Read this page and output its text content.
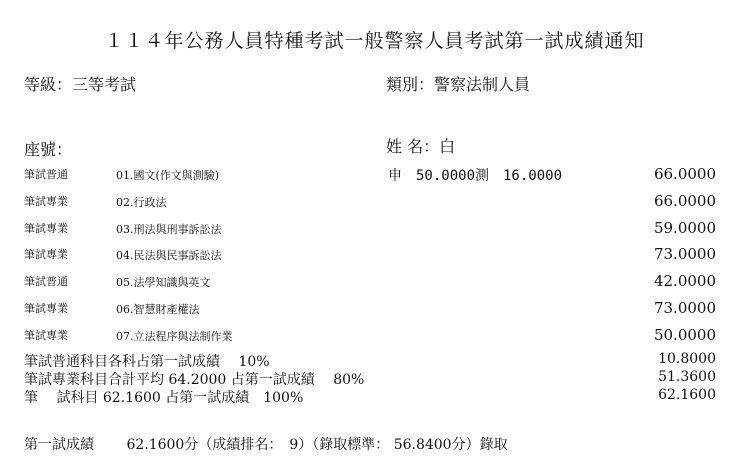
１１４年公務人員特種考試一般警察人員考試第一試成績通知
等級：三等考試	類別：警察法制人員
座號：	姓 名：白
筆試普通	01.國文(作文與測驗)	申　50.0000測　16.0000	66.0000
筆試專業	02.行政法	66.0000
筆試專業	03.刑法與刑事訴訟法	59.0000
筆試專業	04.民法與民事訴訟法	73.0000
筆試普通	05.法學知識與英文	42.0000
筆試專業	06.智慧財產權法	73.0000
筆試專業	07.立法程序與法制作業	50.0000
筆試普通科目各科占第一試成績　 10%	10.8000
筆試專業科目合計平均 64.2000 占第一試成績　 80%	51.3600
筆　 試科目 62.1600 占第一試成績　100%	62.1600
第一試成績　　 62.1600分（成績排名：　9）（錄取標準： 56.8400分）錄取
